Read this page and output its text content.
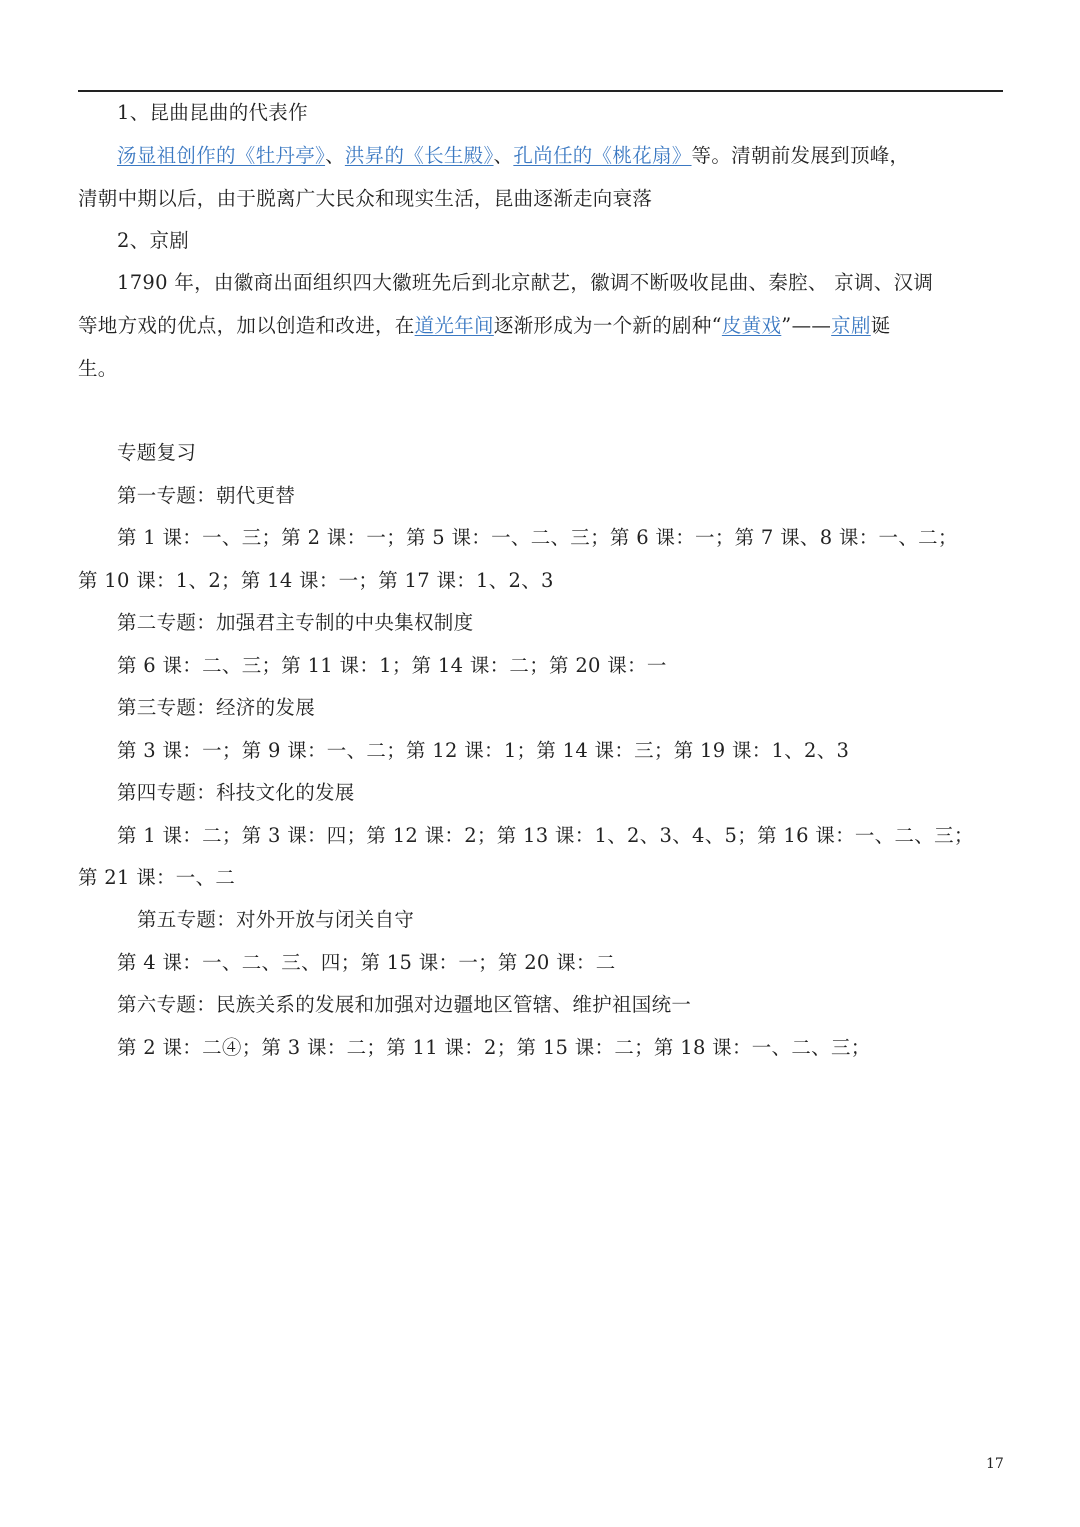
1、昆曲昆曲的代表作
汤显祖创作的《牡丹亭》、洪昇的《长生殿》、孔尚任的《桃花扇》等。清朝前发展到顶峰，
清朝中期以后，由于脱离广大民众和现实生活，昆曲逐渐走向衰落
2、京剧
1790 年，由徽商出面组织四大徽班先后到北京献艺，徽调不断吸收昆曲、秦腔、 京调、汉调
等地方戏的优点，加以创造和改进，在道光年间逐渐形成为一个新的剧种“皮黄戏”——京剧诞
生。
专题复习
第一专题：朝代更替
第 1 课：一、三；第 2 课：一；第 5 课：一、二、三；第 6 课：一；第 7 课、8 课：一、二；
第 10 课：1、2；第 14 课：一；第 17 课：1、2、3
第二专题：加强君主专制的中央集权制度
第 6 课：二、三；第 11 课：1；第 14 课：二；第 20 课：一
第三专题：经济的发展
第 3 课：一；第 9 课：一、二；第 12 课：1；第 14 课：三；第 19 课：1、2、3
第四专题：科技文化的发展
第 1 课：二；第 3 课：四；第 12 课：2；第 13 课：1、2、3、4、5；第 16 课：一、二、三；
第 21 课：一、二
第五专题：对外开放与闭关自守
第 4 课：一、二、三、四；第 15 课：一；第 20 课：二
第六专题：民族关系的发展和加强对边疆地区管辖、维护祖国统一
第 2 课：二④；第 3 课：二；第 11 课：2；第 15 课：二；第 18 课：一、二、三；
17
